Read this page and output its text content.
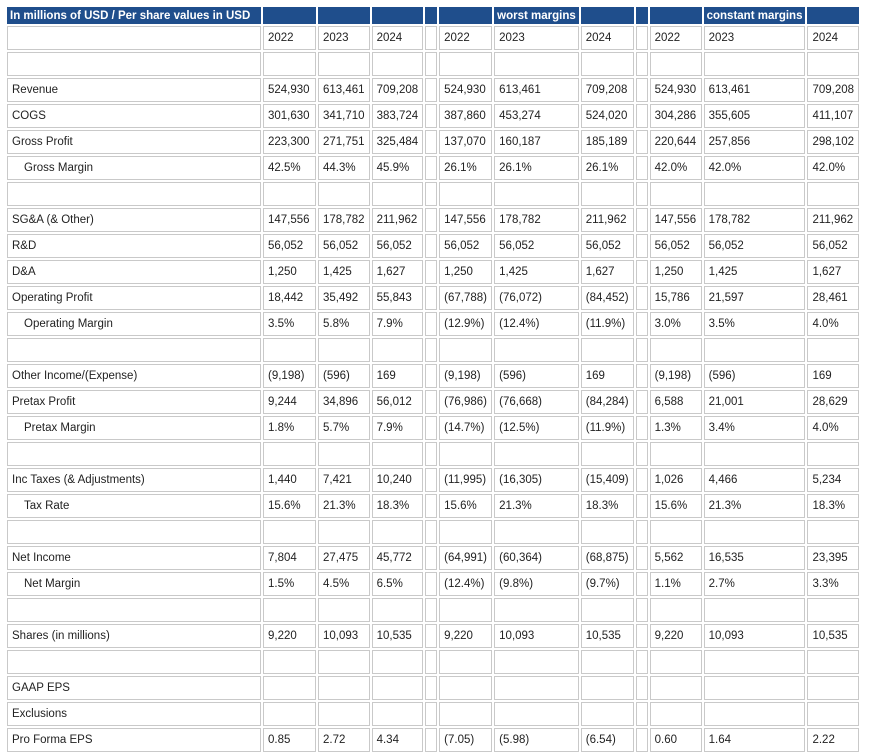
In millions of USD / Per share values in USD						worst margins				constant margins	
	2022	2023	2024		2022	2023	2024		2022	2023	2024

Revenue	524,930	613,461	709,208		524,930	613,461	709,208		524,930	613,461	709,208
COGS	301,630	341,710	383,724		387,860	453,274	524,020		304,286	355,605	411,107
Gross Profit	223,300	271,751	325,484		137,070	160,187	185,189		220,644	257,856	298,102
Gross Margin	42.5%	44.3%	45.9%		26.1%	26.1%	26.1%		42.0%	42.0%	42.0%

SG&A (& Other)	147,556	178,782	211,962		147,556	178,782	211,962		147,556	178,782	211,962
R&D	56,052	56,052	56,052		56,052	56,052	56,052		56,052	56,052	56,052
D&A	1,250	1,425	1,627		1,250	1,425	1,627		1,250	1,425	1,627
Operating Profit	18,442	35,492	55,843		(67,788)	(76,072)	(84,452)		15,786	21,597	28,461
Operating Margin	3.5%	5.8%	7.9%		(12.9%)	(12.4%)	(11.9%)		3.0%	3.5%	4.0%

Other Income/(Expense)	(9,198)	(596)	169		(9,198)	(596)	169		(9,198)	(596)	169
Pretax Profit	9,244	34,896	56,012		(76,986)	(76,668)	(84,284)		6,588	21,001	28,629
Pretax Margin	1.8%	5.7%	7.9%		(14.7%)	(12.5%)	(11.9%)		1.3%	3.4%	4.0%

Inc Taxes (& Adjustments)	1,440	7,421	10,240		(11,995)	(16,305)	(15,409)		1,026	4,466	5,234
Tax Rate	15.6%	21.3%	18.3%		15.6%	21.3%	18.3%		15.6%	21.3%	18.3%

Net Income	7,804	27,475	45,772		(64,991)	(60,364)	(68,875)		5,562	16,535	23,395
Net Margin	1.5%	4.5%	6.5%		(12.4%)	(9.8%)	(9.7%)		1.1%	2.7%	3.3%

Shares (in millions)	9,220	10,093	10,535		9,220	10,093	10,535		9,220	10,093	10,535

GAAP EPS											
Exclusions											
Pro Forma EPS	0.85	2.72	4.34		(7.05)	(5.98)	(6.54)		0.60	1.64	2.22
